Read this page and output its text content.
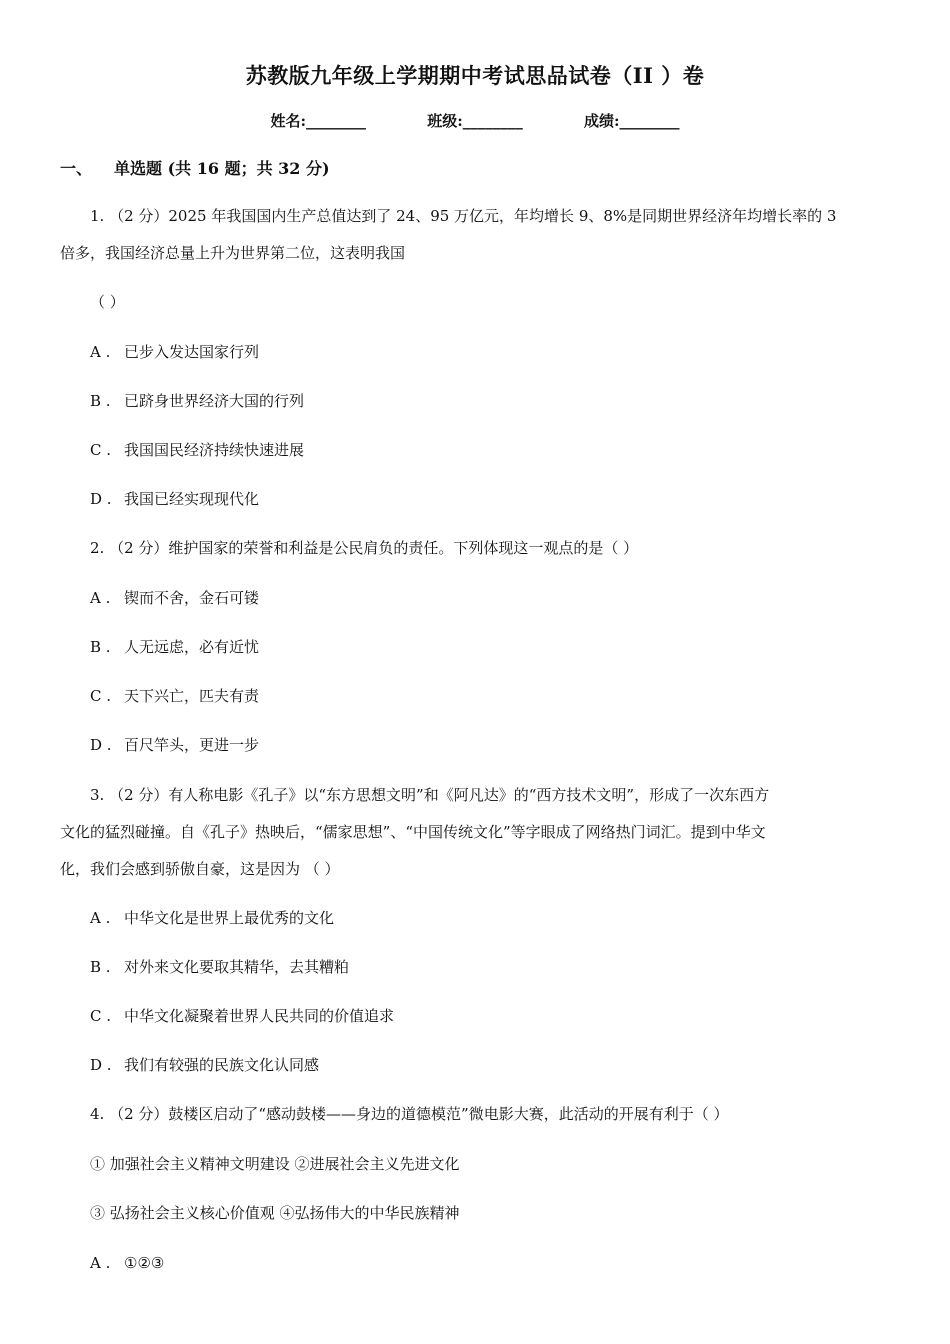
苏教版九年级上学期期中考试思品试卷（II ）卷
姓名:________	班级:________	成绩:________
一、 单选题 (共 16 题；共 32 分)
1. （2 分）2025 年我国国内生产总值达到了 24、95 万亿元，年均增长 9、8%是同期世界经济年均增长率的 3
倍多，我国经济总量上升为世界第二位，这表明我国
（ ）
A . 已步入发达国家行列
B . 已跻身世界经济大国的行列
C . 我国国民经济持续快速进展
D . 我国已经实现现代化
2. （2 分）维护国家的荣誉和利益是公民肩负的责任。下列体现这一观点的是（ ）
A . 锲而不舍，金石可镂
B . 人无远虑，必有近忧
C . 天下兴亡，匹夫有责
D . 百尺竿头，更进一步
3. （2 分）有人称电影《孔子》以“东方思想文明”和《阿凡达》的“西方技术文明”，形成了一次东西方
文化的猛烈碰撞。自《孔子》热映后，“儒家思想”、“中国传统文化”等字眼成了网络热门词汇。提到中华文
化，我们会感到骄傲自豪，这是因为 （ ）
A . 中华文化是世界上最优秀的文化
B . 对外来文化要取其精华，去其糟粕
C . 中华文化凝聚着世界人民共同的价值追求
D . 我们有较强的民族文化认同感
4. （2 分）鼓楼区启动了“感动鼓楼——身边的道德模范”微电影大赛，此活动的开展有利于（ ）
① 加强社会主义精神文明建设 ②进展社会主义先进文化
③ 弘扬社会主义核心价值观 ④弘扬伟大的中华民族精神
A . ①②③
